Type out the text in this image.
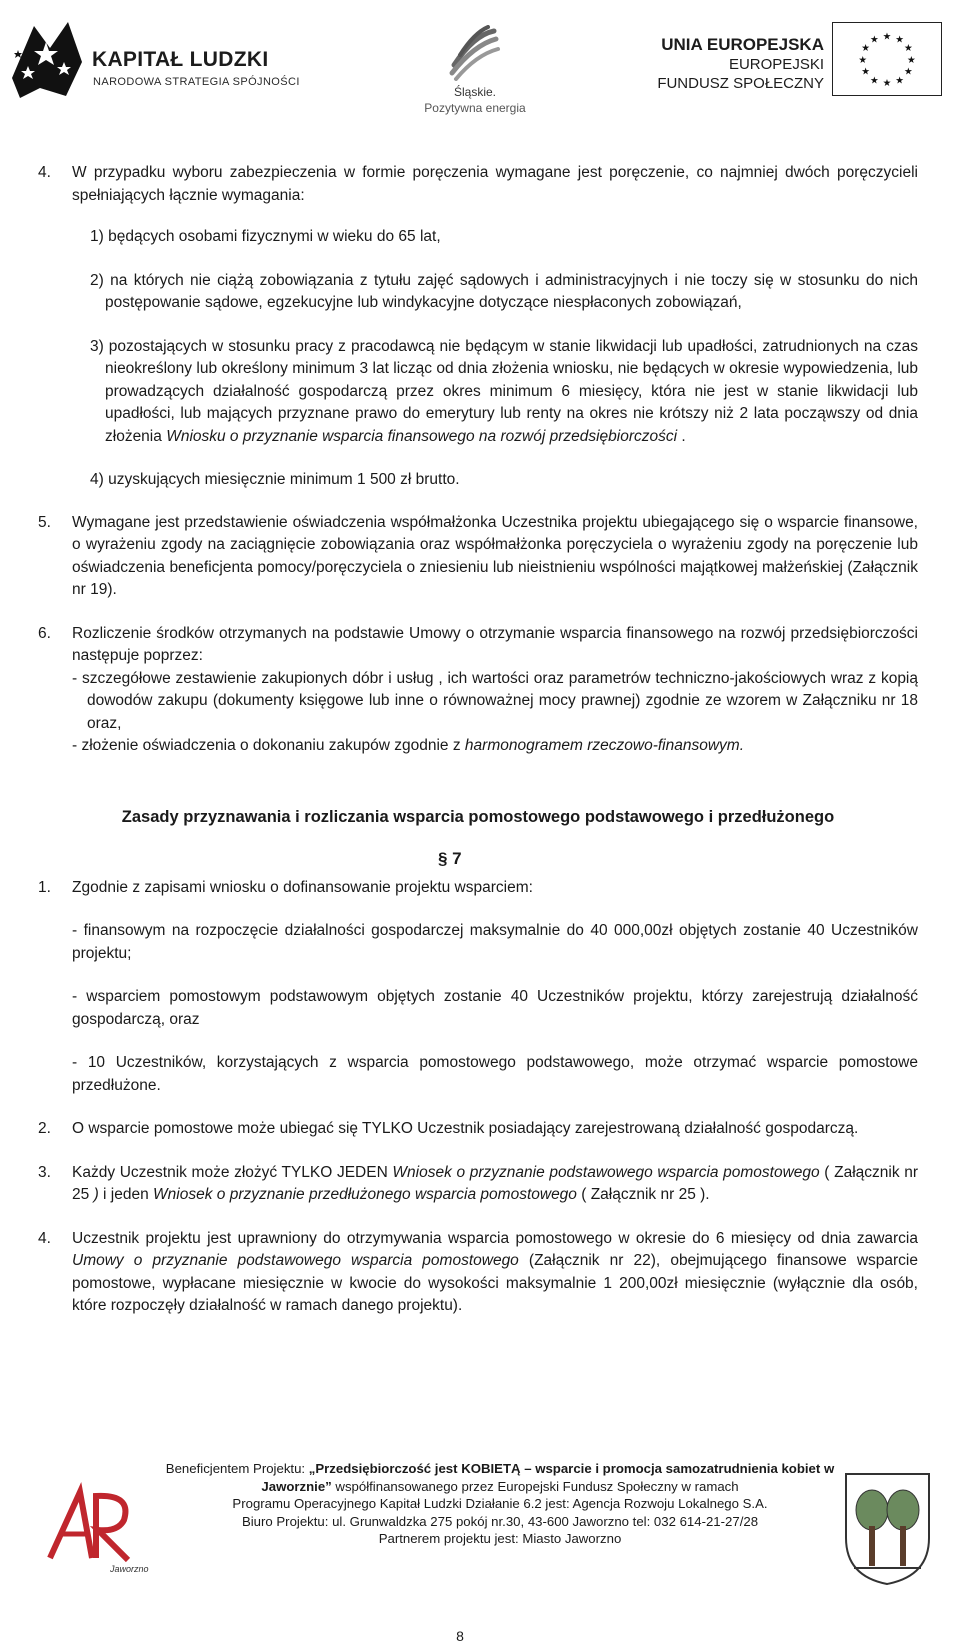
KAPITAŁ LUDZKI
NARODOWA STRATEGIA SPÓJNOŚCI
Śląskie.
Pozytywna energia
UNIA EUROPEJSKA
EUROPEJSKI
FUNDUSZ SPOŁECZNY
★ ★
★
★
★
★
★
★
★
★
★
★
4.	W przypadku wyboru zabezpieczenia w formie poręczenia wymagane jest poręczenie, co najmniej dwóch poręczycieli spełniających łącznie wymagania:

1) będących osobami fizycznymi w wieku do 65 lat,

2) na których nie ciążą zobowiązania z tytułu zajęć sądowych i administracyjnych i nie toczy się w stosunku do nich postępowanie sądowe, egzekucyjne lub windykacyjne dotyczące niespłaconych zobowiązań,

3) pozostających w stosunku pracy z pracodawcą nie będącym w stanie likwidacji lub upadłości, zatrudnionych na czas nieokreślony lub określony minimum 3 lat licząc od dnia złożenia wniosku, nie będących w okresie wypowiedzenia, lub prowadzących działalność gospodarczą przez okres minimum 6 miesięcy, która nie jest w stanie likwidacji lub upadłości, lub mających przyznane prawo do emerytury lub renty na okres nie krótszy niż 2 lata począwszy od dnia złożenia Wniosku o przyznanie wsparcia finansowego na rozwój przedsiębiorczości .

4) uzyskujących miesięcznie minimum 1 500 zł brutto.

5.	Wymagane jest przedstawienie oświadczenia współmałżonka Uczestnika projektu ubiegającego się o wsparcie finansowe, o wyrażeniu zgody na zaciągnięcie zobowiązania oraz współmałżonka poręczyciela o wyrażeniu zgody na poręczenie lub oświadczenia beneficjenta pomocy/poręczyciela o zniesieniu lub nieistnieniu wspólności majątkowej małżeńskiej (Załącznik nr 19).
6.	Rozliczenie środków otrzymanych na podstawie Umowy o otrzymanie wsparcia finansowego na rozwój przedsiębiorczości następuje poprzez:
- szczegółowe zestawienie zakupionych dóbr i usług , ich wartości oraz parametrów techniczno-jakościowych wraz z kopią dowodów zakupu (dokumenty księgowe lub inne o równoważnej mocy prawnej) zgodnie ze wzorem w Załączniku nr 18 oraz,
- złożenie oświadczenia o dokonaniu zakupów zgodnie z harmonogramem rzeczowo-finansowym.

Zasady przyznawania i rozliczania wsparcia pomostowego podstawowego i przedłużonego

§ 7

1.	Zgodnie z zapisami wniosku o dofinansowanie projektu wsparciem:

- finansowym na rozpoczęcie działalności gospodarczej maksymalnie do 40 000,00zł objętych zostanie 40 Uczestników projektu;

- wsparciem pomostowym podstawowym objętych zostanie 40 Uczestników projektu, którzy zarejestrują działalność gospodarczą, oraz

- 10 Uczestników, korzystających z wsparcia pomostowego podstawowego, może otrzymać wsparcie pomostowe przedłużone.

2.	O wsparcie pomostowe może ubiegać się TYLKO Uczestnik posiadający zarejestrowaną działalność gospodarczą.
3.	Każdy Uczestnik może złożyć TYLKO JEDEN Wniosek o przyznanie podstawowego wsparcia pomostowego ( Załącznik nr 25 ) i jeden Wniosek o przyznanie przedłużonego wsparcia pomostowego ( Załącznik nr 25 ).
4.	Uczestnik projektu jest uprawniony do otrzymywania wsparcia pomostowego w okresie do 6 miesięcy od dnia zawarcia Umowy o przyznanie podstawowego wsparcia pomostowego (Załącznik nr 22), obejmującego finansowe wsparcie pomostowe, wypłacane miesięcznie w kwocie do wysokości maksymalnie 1 200,00zł miesięcznie (wyłącznie dla osób, które rozpoczęły działalność w ramach danego projektu).
Jaworzno
Beneficjentem Projektu: „Przedsiębiorczość jest KOBIETĄ – wsparcie i promocja samozatrudnienia kobiet w Jaworznie” współfinansowanego przez Europejski Fundusz Społeczny w ramach
Programu Operacyjnego Kapitał Ludzki Działanie 6.2 jest: Agencja Rozwoju Lokalnego S.A.
Biuro Projektu: ul. Grunwaldzka 275 pokój nr.30, 43-600 Jaworzno tel: 032 614-21-27/28
Partnerem projektu jest: Miasto Jaworzno
8
